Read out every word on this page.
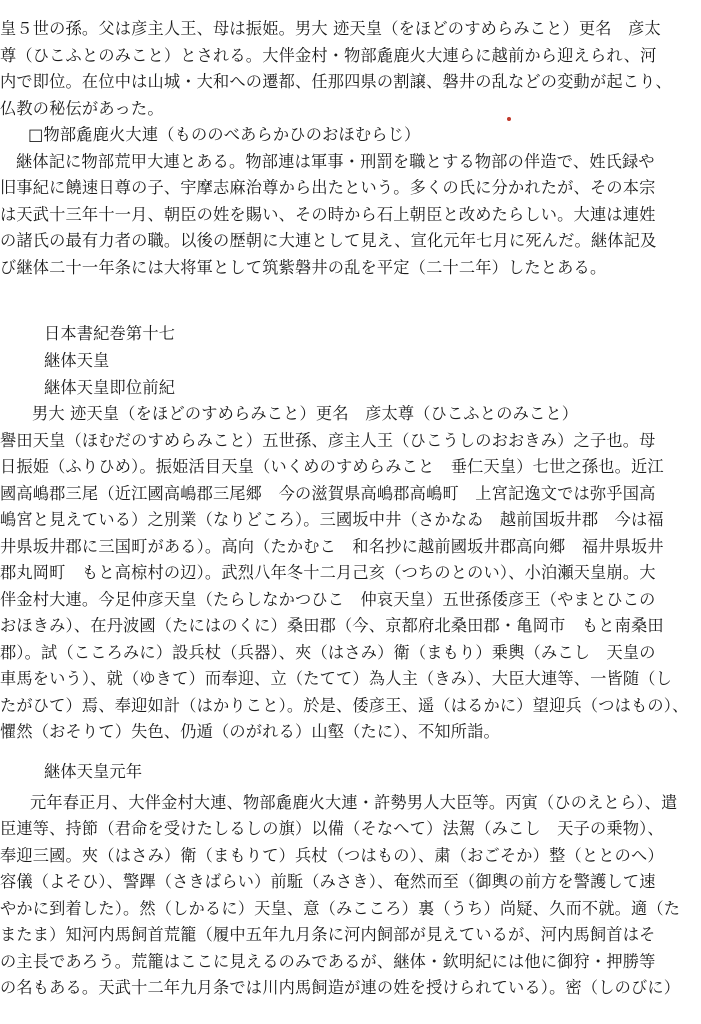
皇５世の孫。父は彦主人王、母は振姫。男大 迹天皇（をほどのすめらみこと）更名　彦太
尊（ひこふとのみこと）とされる。大伴金村・物部麁鹿火大連らに越前から迎えられ、河
内で即位。在位中は山城・大和への遷都、任那四県の割譲、磐井の乱などの変動が起こり、
仏教の秘伝があった。
□物部麁鹿火大連（もののべあらかひのおほむらじ）
継体記に物部荒甲大連とある。物部連は軍事・刑罰を職とする物部の伴造で、姓氏録や
旧事紀に饒速日尊の子、宇摩志麻治尊から出たという。多くの氏に分かれたが、その本宗
は天武十三年十一月、朝臣の姓を賜い、その時から石上朝臣と改めたらしい。大連は連姓
の諸氏の最有力者の職。以後の歴朝に大連として見え、宣化元年七月に死んだ。継体記及
び継体二十一年条には大将軍として筑紫磐井の乱を平定（二十二年）したとある。
日本書紀巻第十七
継体天皇
継体天皇即位前紀
男大 迹天皇（をほどのすめらみこと）更名　彦太尊（ひこふとのみこと）
譽田天皇（ほむだのすめらみこと）五世孫、彦主人王（ひこうしのおおきみ）之子也。母
日振姫（ふりひめ）。振姫活目天皇（いくめのすめらみこと　垂仁天皇）七世之孫也。近江
國高嶋郡三尾（近江國高嶋郡三尾郷　今の滋賀県高嶋郡高嶋町　上宮記逸文では弥乎国高
嶋宮と見えている）之別業（なりどころ）。三國坂中井（さかなゐ　越前国坂井郡　今は福
井県坂井郡に三国町がある）。高向（たかむこ　和名抄に越前國坂井郡高向郷　福井県坂井
郡丸岡町　もと高椋村の辺）。武烈八年冬十二月己亥（つちのとのい）、小泊瀬天皇崩。大
伴金村大連。今足仲彦天皇（たらしなかつひこ　仲哀天皇）五世孫倭彦王（やまとひこの
おほきみ）、在丹波國（たにはのくに）桑田郡（今、京都府北桑田郡・亀岡市　もと南桑田
郡）。試（こころみに）設兵杖（兵器）、夾（はさみ）衛（まもり）乗輿（みこし　天皇の
車馬をいう）、就（ゆきて）而奉迎、立（たてて）為人主（きみ）、大臣大連等、一皆随（し
たがひて）焉、奉迎如計（はかりこと）。於是、倭彦王、遥（はるかに）望迎兵（つはもの）、
懼然（おそりて）失色、仍遁（のがれる）山壑（たに）、不知所詣。
継体天皇元年
元年春正月、大伴金村大連、物部麁鹿火大連・許勢男人大臣等。丙寅（ひのえとら）、遣
臣連等、持節（君命を受けたしるしの旗）以備（そなへて）法駕（みこし　天子の乗物）、
奉迎三國。夾（はさみ）衛（まもりて）兵杖（つはもの）、粛（おごそか）整（ととのへ）
容儀（よそひ）、警蹕（さきばらい）前駈（みさき）、奄然而至（御輿の前方を警護して速
やかに到着した）。然（しかるに）天皇、意（みこころ）裏（うち）尚疑、久而不就。適（た
またま）知河内馬飼首荒籠（履中五年九月条に河内飼部が見えているが、河内馬飼首はそ
の主長であろう。荒籠はここに見えるのみであるが、継体・欽明紀には他に御狩・押勝等
の名もある。天武十二年九月条では川内馬飼造が連の姓を授けられている）。密（しのびに）
